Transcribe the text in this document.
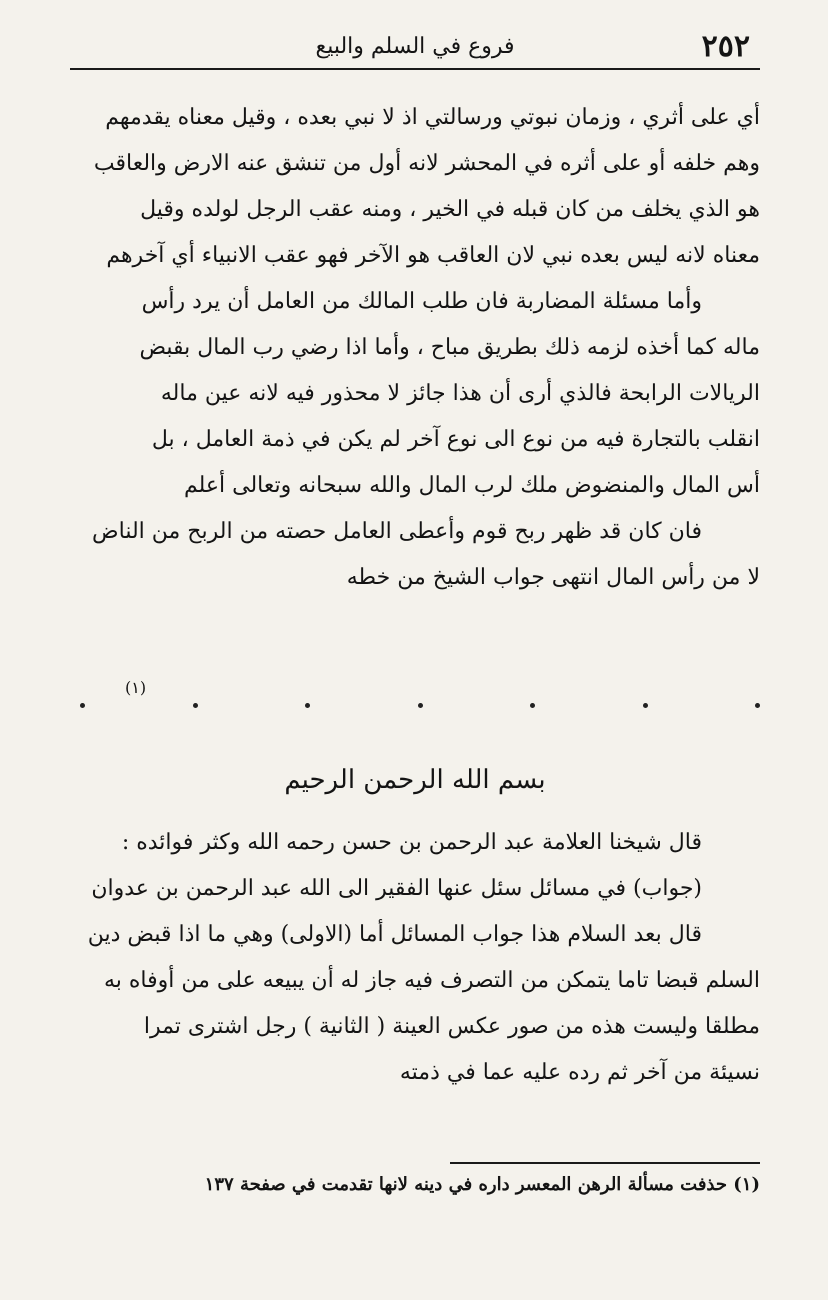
٢٥٢
فروع في السلم والبيع
أي على أثري ، وزمان نبوتي ورسالتي اذ لا نبي بعده ، وقيل معناه يقدمهم
وهم خلفه أو على أثره في المحشر لانه أول من تنشق عنه الارض والعاقب
هو الذي يخلف من كان قبله في الخير ، ومنه عقب الرجل لولده وقيل
معناه لانه ليس بعده نبي لان العاقب هو الآخر فهو عقب الانبياء أي آخرهم
وأما مسئلة المضاربة فان طلب المالك من العامل أن يرد رأس
ماله كما أخذه لزمه ذلك بطريق مباح ، وأما اذا رضي رب المال بقبض
الريالات الرابحة فالذي أرى أن هذا جائز لا محذور فيه لانه عين ماله
انقلب بالتجارة فيه من نوع الى نوع آخر لم يكن في ذمة العامل ، بل
أس المال والمنضوض ملك لرب المال والله سبحانه وتعالى أعلم
فان كان قد ظهر ربح قوم وأعطى العامل حصته من الربح من الناض
لا من رأس المال انتهى جواب الشيخ من خطه
(١)
بسم الله الرحمن الرحيم
قال شيخنا العلامة عبد الرحمن بن حسن رحمه الله وكثر فوائده :
(جواب) في مسائل سئل عنها الفقير الى الله عبد الرحمن بن عدوان
قال بعد السلام هذا جواب المسائل أما (الاولى) وهي ما اذا قبض دين
السلم قبضا تاما يتمكن من التصرف فيه جاز له أن يبيعه على من أوفاه به
مطلقا وليست هذه من صور عكس العينة ( الثانية ) رجل اشترى تمرا
نسيئة من آخر ثم رده عليه عما في ذمته
(١) حذفت مسألة الرهن المعسر داره في دينه لانها تقدمت في صفحة ١٣٧
